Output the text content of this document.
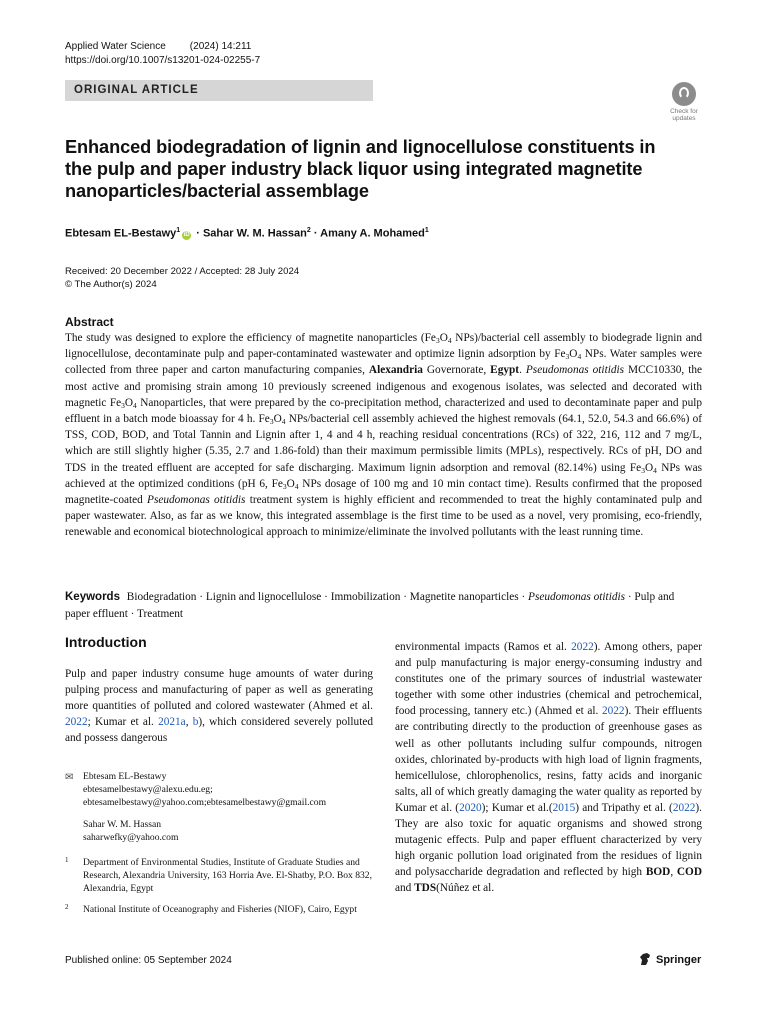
Applied Water Science (2024) 14:211
https://doi.org/10.1007/s13201-024-02255-7
ORIGINAL ARTICLE
Check for
updates
Enhanced biodegradation of lignin and lignocellulose constituents in the pulp and paper industry black liquor using integrated magnetite nanoparticles/bacterial assemblage
Ebtesam EL-Bestawy$^1$iD · Sahar W. M. Hassan$^2$ · Amany A. Mohamed$^1$
Received: 20 December 2022 / Accepted: 28 July 2024
© The Author(s) 2024
Abstract
The study was designed to explore the efficiency of magnetite nanoparticles ($Fe_3O_4$ NPs)/bacterial cell assembly to biodegrade lignin and lignocellulose, decontaminate pulp and paper-contaminated wastewater and optimize lignin adsorption by $Fe_3O_4$ NPs. Water samples were collected from three paper and carton manufacturing companies, Alexandria Governorate, Egypt. Pseudomonas otitidis MCC10330, the most active and promising strain among 10 previously screened indigenous and exogenous isolates, was selected and decorated with magnetic $Fe_3O_4$ Nanoparticles, that were prepared by the co-precipitation method, characterized and used to decontaminate paper and pulp effluent in a batch mode bioassay for 4 h. $Fe_3O_4$ NPs/bacterial cell assembly achieved the highest removals (64.1, 52.0, 54.3 and 66.6%) of TSS, COD, BOD, and Total Tannin and Lignin after 1, 4 and 4 h, reaching residual concentrations (RCs) of 322, 216, 112 and 7 mg/L, which are still slightly higher (5.35, 2.7 and 1.86-fold) than their maximum permissible limits (MPLs), respectively. RCs of pH, DO and TDS in the treated effluent are accepted for safe discharging. Maximum lignin adsorption and removal (82.14%) using $Fe_3O_4$ NPs was achieved at the optimized conditions (pH 6, $Fe_3O_4$ NPs dosage of 100 mg and 10 min contact time). Results confirmed that the proposed magnetite-coated Pseudomonas otitidis treatment system is highly efficient and recommended to treat the highly contaminated pulp and paper wastewater. Also, as far as we know, this integrated assemblage is the first time to be used as a novel, very promising, eco-friendly, renewable and economical biotechnological approach to minimize/eliminate the involved pollutants with the least running time.
Keywords Biodegradation · Lignin and lignocellulose · Immobilization · Magnetite nanoparticles · Pseudomonas otitidis · Pulp and paper effluent · Treatment
Introduction
Pulp and paper industry consume huge amounts of water during pulping process and manufacturing of paper as well as generating more quantities of polluted and colored wastewater (Ahmed et al. 2022; Kumar et al. 2021a, b), which considered severely polluted and possess dangerous
environmental impacts (Ramos et al. 2022). Among others, paper and pulp manufacturing is major energy-consuming industry and constitutes one of the primary sources of industrial wastewater together with some other industries (chemical and petrochemical, food processing, tannery etc.) (Ahmed et al. 2022). Their effluents are contributing directly to the production of greenhouse gases as well as other pollutants including sulfur compounds, nitrogen oxides, chlorinated by-products with high load of lignin fragments, hemicellulose, chlorophenolics, resins, fatty acids and inorganic salts, all of which greatly damaging the water quality as reported by Kumar et al. (2020); Kumar et al.(2015) and Tripathy et al. (2022). They are also toxic for aquatic organisms and showed strong mutagenic effects. Pulp and paper effluent characterized by very high organic pollution load originated from the residues of lignin and polysaccharide degradation and reflected by high BOD, COD and TDS(Núñez et al.
✉ Ebtesam EL-Bestawy
ebtesamelbestawy@alexu.edu.eg;
ebtesamelbestawy@yahoo.com;ebtesamelbestawy@gmail.com
Sahar W. M. Hassan
saharwefky@yahoo.com
1 Department of Environmental Studies, Institute of Graduate Studies and Research, Alexandria University, 163 Horria Ave. El-Shatby, P.O. Box 832, Alexandria, Egypt
2 National Institute of Oceanography and Fisheries (NIOF), Cairo, Egypt
Published online: 05 September 2024	Springer
